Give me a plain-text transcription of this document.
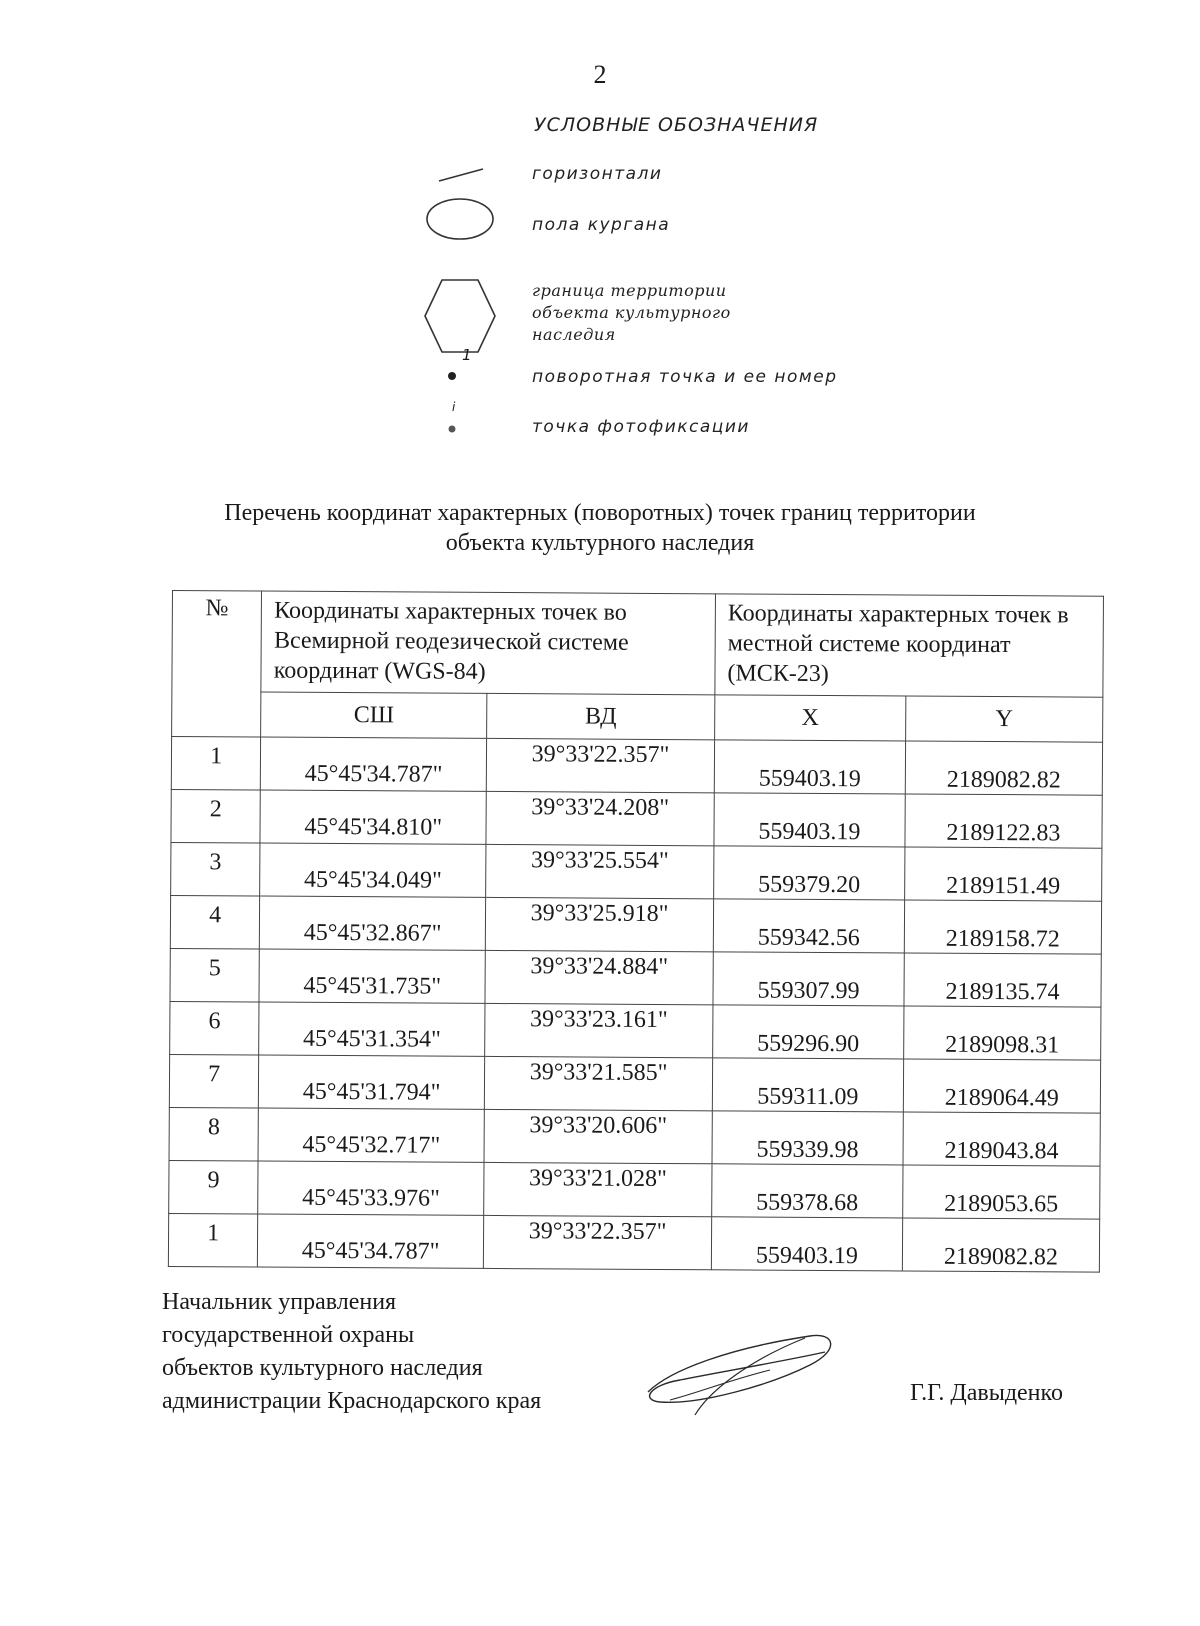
2
УСЛОВНЫЕ ОБОЗНАЧЕНИЯ
горизонтали
пола кургана
граница территории
объекта культурного
наследия
1
поворотная точка и ее номер
i
точка фотофиксации
Перечень координат характерных (поворотных) точек границ территории
объекта культурного наследия
№	Координаты характерных точек во Всемирной геодезической системе координат (WGS-84)		Координаты характерных точек в местной системе координат (МСК-23)	
	СШ	ВД	X	Y
1	45°45'34.787"	39°33'22.357"	559403.19	2189082.82
2	45°45'34.810"	39°33'24.208"	559403.19	2189122.83
3	45°45'34.049"	39°33'25.554"	559379.20	2189151.49
4	45°45'32.867"	39°33'25.918"	559342.56	2189158.72
5	45°45'31.735"	39°33'24.884"	559307.99	2189135.74
6	45°45'31.354"	39°33'23.161"	559296.90	2189098.31
7	45°45'31.794"	39°33'21.585"	559311.09	2189064.49
8	45°45'32.717"	39°33'20.606"	559339.98	2189043.84
9	45°45'33.976"	39°33'21.028"	559378.68	2189053.65
1	45°45'34.787"	39°33'22.357"	559403.19	2189082.82
Начальник управления
государственной охраны
объектов культурного наследия
администрации Краснодарского края	Г.Г. Давыденко
